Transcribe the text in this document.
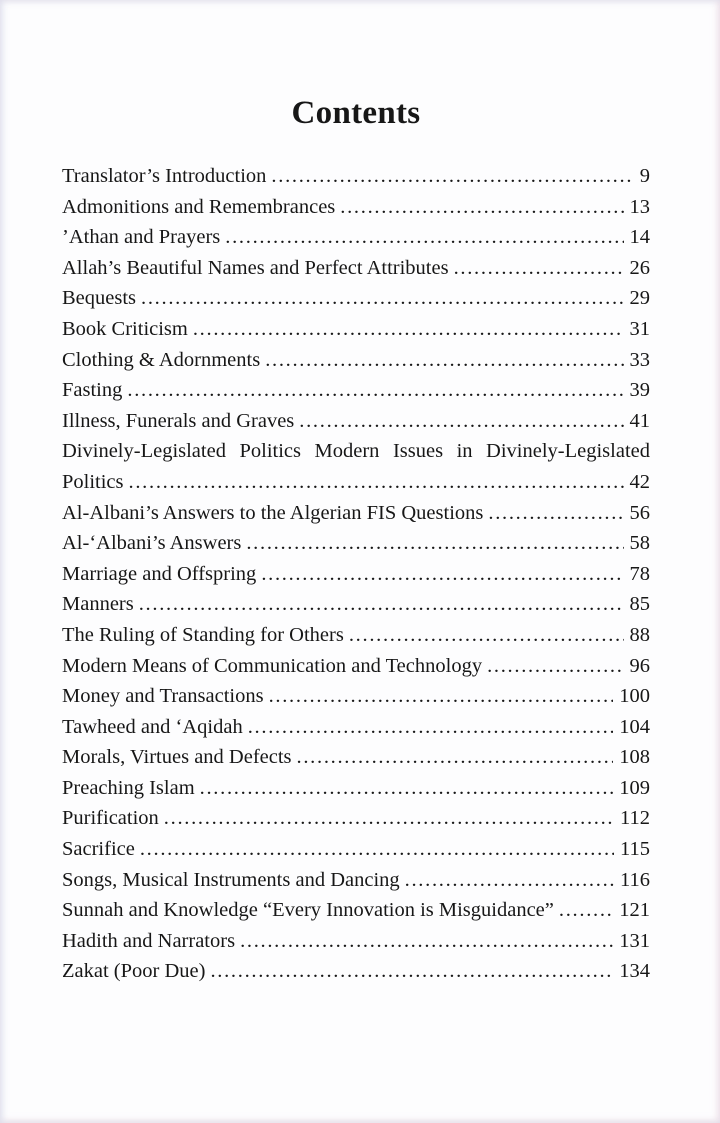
Contents
Translator’s Introduction .....	9
Admonitions and Remembrances .....	13
’Athan and Prayers .....	14
Allah’s Beautiful Names and Perfect Attributes .....	26
Bequests .....	29
Book Criticism .....	31
Clothing & Adornments .....	33
Fasting .....	39
Illness, Funerals and Graves .....	41
Divinely-Legislated Politics Modern Issues in Divinely-Legislated
Politics .....	42
Al-Albani’s Answers to the Algerian FIS Questions .....	56
Al-‘Albani’s Answers .....	58
Marriage and Offspring .....	78
Manners .....	85
The Ruling of Standing for Others .....	88
Modern Means of Communication and Technology .....	96
Money and Transactions .....	100
Tawheed and ‘Aqidah .....	104
Morals, Virtues and Defects .....	108
Preaching Islam .....	109
Purification .....	112
Sacrifice .....	115
Songs, Musical Instruments and Dancing .....	116
Sunnah and Knowledge “Every Innovation is Misguidance” .....	121
Hadith and Narrators .....	131
Zakat (Poor Due) .....	134
